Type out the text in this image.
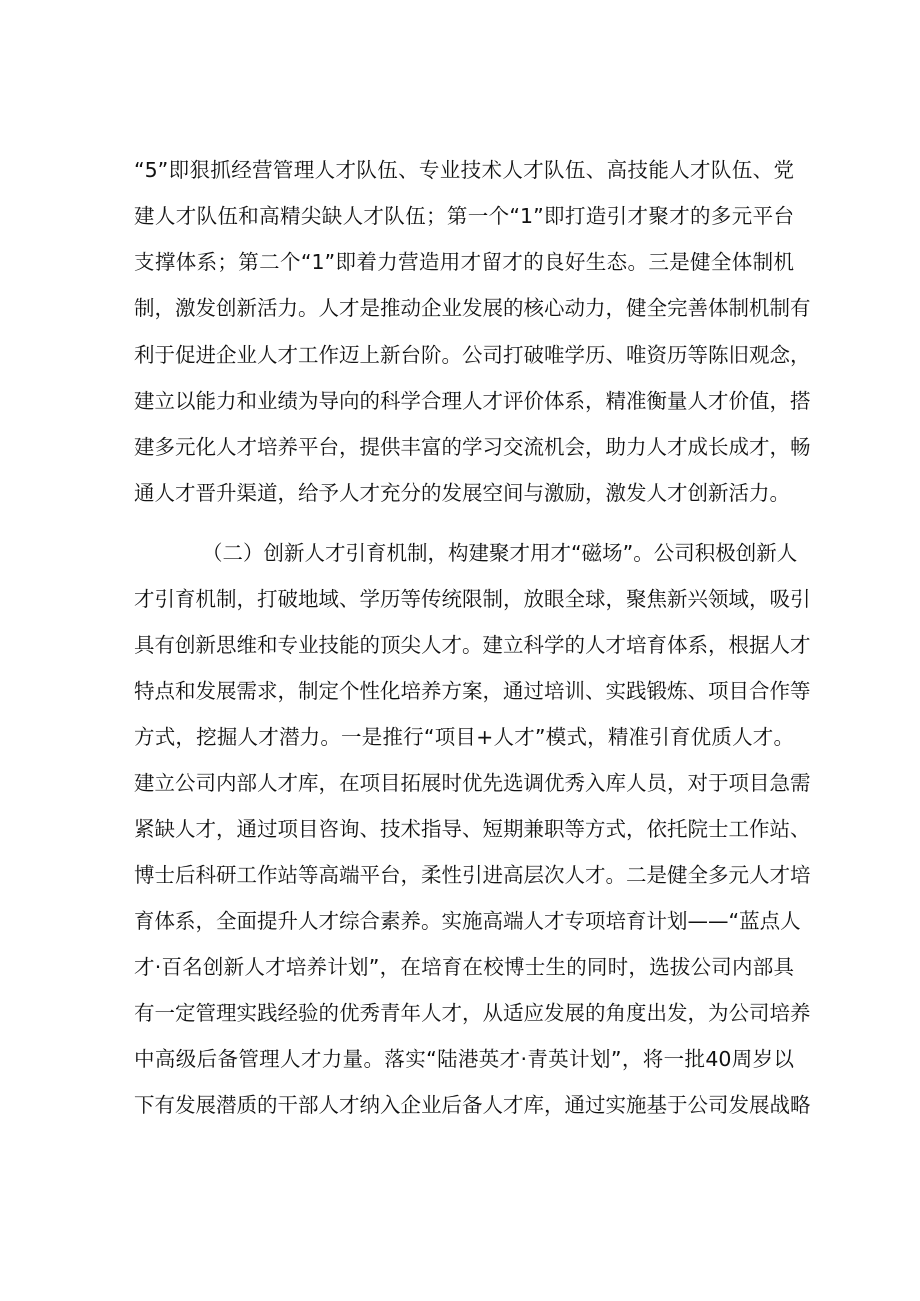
“5”即狠抓经营管理人才队伍、专业技术人才队伍、高技能人才队伍、党
建人才队伍和高精尖缺人才队伍；第一个“1”即打造引才聚才的多元平台
支撑体系；第二个“1”即着力营造用才留才的良好生态。三是健全体制机
制，激发创新活力。人才是推动企业发展的核心动力，健全完善体制机制有
利于促进企业人才工作迈上新台阶。公司打破唯学历、唯资历等陈旧观念，
建立以能力和业绩为导向的科学合理人才评价体系，精准衡量人才价值，搭
建多元化人才培养平台，提供丰富的学习交流机会，助力人才成长成才，畅
通人才晋升渠道，给予人才充分的发展空间与激励，激发人才创新活力。
（二）创新人才引育机制，构建聚才用才“磁场”。公司积极创新人
才引育机制，打破地域、学历等传统限制，放眼全球，聚焦新兴领域，吸引
具有创新思维和专业技能的顶尖人才。建立科学的人才培育体系，根据人才
特点和发展需求，制定个性化培养方案，通过培训、实践锻炼、项目合作等
方式，挖掘人才潜力。一是推行“项目+人才”模式，精准引育优质人才。
建立公司内部人才库，在项目拓展时优先选调优秀入库人员，对于项目急需
紧缺人才，通过项目咨询、技术指导、短期兼职等方式，依托院士工作站、
博士后科研工作站等高端平台，柔性引进高层次人才。二是健全多元人才培
育体系，全面提升人才综合素养。实施高端人才专项培育计划——“蓝点人
才·百名创新人才培养计划”，在培育在校博士生的同时，选拔公司内部具
有一定管理实践经验的优秀青年人才，从适应发展的角度出发，为公司培养
中高级后备管理人才力量。落实“陆港英才·青英计划”，将一批40周岁以
下有发展潜质的干部人才纳入企业后备人才库，通过实施基于公司发展战略
